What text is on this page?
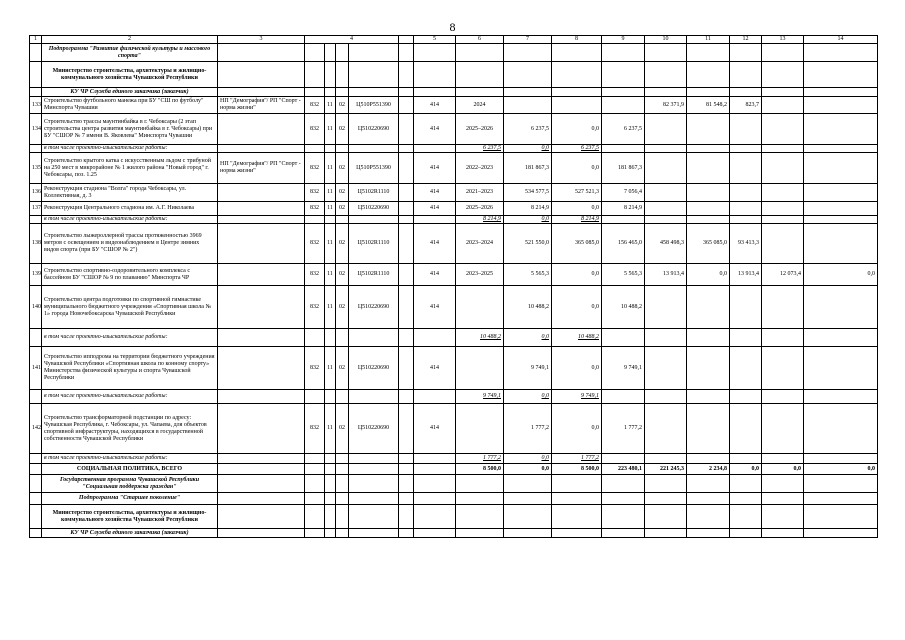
8
1	2	3	4					5	6	7	8	9	10	11	12	13	14	
	Подпрограмма "Развитие физической культуры и массового спорта"																	
	Министерство строительства, архитектуры и жилищно-коммунального хозяйства Чувашской Республики																	
	КУ ЧР Служба единого заказчика (заказчик)																	
133	Строительство футбольного манежа при БУ "СШ по футболу" Минспорта Чувашии	НП "Демография"/ РП "Спорт - норма жизни"	832	11	02	Ц510Р551390		414	2024				82 371,9	81 548,2	823,7			
134	Строительство трассы маунтинбайка в г. Чебоксары (2 этап строительства центра развития маунтинбайка в г. Чебоксары) при БУ "СШОР № 7 имени В. Яковлева" Минспорта Чувашии		832	11	02	Ц510220690		414	2025–2026	6 237,5	0,0	6 237,5						
	в том числе проектно-изыскательские работы:								6 237,5	0,0	6 237,5							
135	Строительство крытого катка с искусственным льдом с трибуной на 250 мест в микрорайоне № 1 жилого района "Новый город" г. Чебоксары, поз. 1.25	НП "Демография"/ РП "Спорт - норма жизни"	832	11	02	Ц510Р551390		414	2022–2023	181 867,3	0,0	181 867,3						
136	Реконструкция стадиона "Волга" города Чебоксары, ул. Коллективная, д. 3		832	11	02	Ц5102R1110		414	2021–2023	534 577,5	527 521,3	7 056,4						
137	Реконструкция Центрального стадиона им. А.Г. Николаева		832	11	02	Ц510220690		414	2025–2026	8 214,9	0,0	8 214,9						
	в том числе проектно-изыскательские работы:								8 214,9	0,0	8 214,9							
138	Строительство лыжероллерной трассы протяженностью 3969 метров с освещением и видеонаблюдением в Центре зимних видов спорта (при БУ "СШОР № 2")		832	11	02	Ц5102R1110		414	2023–2024	521 550,0	365 085,0	156 465,0	458 498,3	365 085,0	93 413,3			
139	Строительство спортивно-оздоровительного комплекса с бассейном БУ "СШОР № 9 по плаванию" Минспорта ЧР		832	11	02	Ц5102R1110		414	2023–2025	5 565,3	0,0	5 565,3	13 913,4	0,0	13 913,4	12 073,4	0,0	
140	Строительство центра подготовки по спортивной гимнастике муниципального бюджетного учреждения «Спортивная школа № 1» города Новочебоксарска Чувашской Республики		832	11	02	Ц510220690		414		10 488,2	0,0	10 488,2						
	в том числе проектно-изыскательские работы:								10 488,2	0,0	10 488,2							
141	Строительство ипподрома на территории бюджетного учреждения Чувашской Республики «Спортивная школа по конному спорту» Министерства физической культуры и спорта Чувашской Республики		832	11	02	Ц510220690		414		9 749,1	0,0	9 749,1						
	в том числе проектно-изыскательские работы:								9 749,1	0,0	9 749,1							
142	Строительство трансформаторной подстанции по адресу: Чувашская Республика, г. Чебоксары, ул. Чапаева, для объектов спортивной инфраструктуры, находящихся в государственной собственности Чувашской Республики		832	11	02	Ц510220690		414		1 777,2	0,0	1 777,2						
	в том числе проектно-изыскательские работы:								1 777,2	0,0	1 777,2							
	СОЦИАЛЬНАЯ ПОЛИТИКА, ВСЕГО								8 500,0	0,0	8 500,0	223 480,1	221 245,3	2 234,8	0,0	0,0	0,0	
	Государственная программа Чувашской Республики "Социальная поддержка граждан"																	
	Подпрограмма "Старшее поколение"																	
	Министерство строительства, архитектуры и жилищно-коммунального хозяйства Чувашской Республики																	
	КУ ЧР Служба единого заказчика (заказчик)																	
